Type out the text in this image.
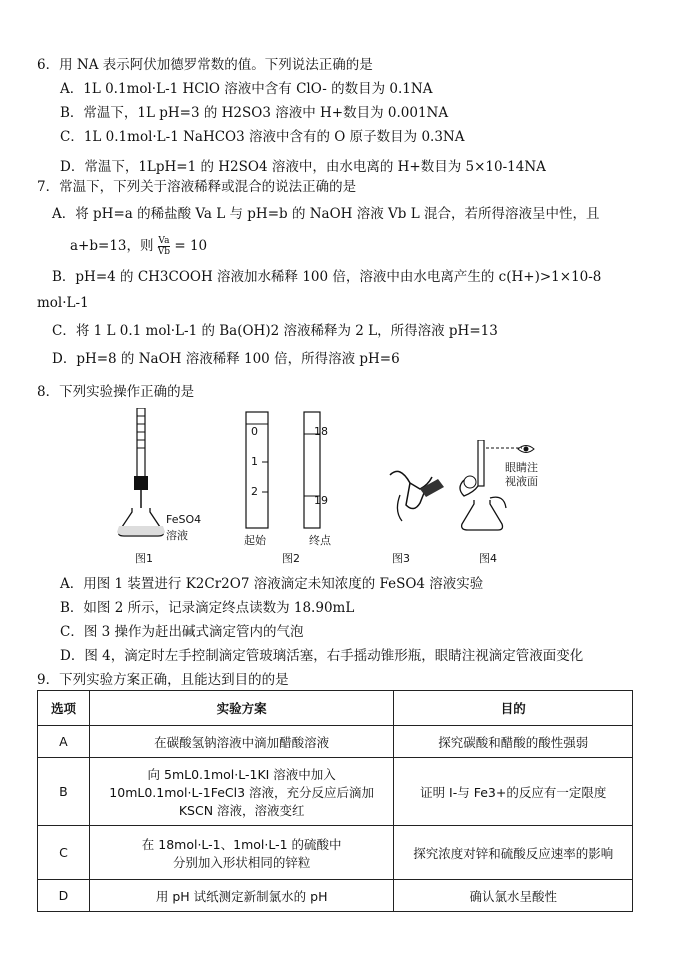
6．用 NA 表示阿伏加德罗常数的值。下列说法正确的是
A．1L 0.1mol·L-1 HClO 溶液中含有 ClO- 的数目为 0.1NA
B．常温下，1L pH=3 的 H2SO3 溶液中 H+数目为 0.001NA
C．1L 0.1mol·L-1 NaHCO3 溶液中含有的 O 原子数目为 0.3NA
D．常温下，1LpH=1 的 H2SO4 溶液中，由水电离的 H+数目为 5×10-14NA
7．常温下，下列关于溶液稀释或混合的说法正确的是
A．将 pH=a 的稀盐酸 Va L 与 pH=b 的 NaOH 溶液 Vb L 混合，若所得溶液呈中性，且
a+b=13，则 $\frac{Va}{Vb} = 10$
B．pH=4 的 CH3COOH 溶液加水稀释 100 倍，溶液中由水电离产生的 c(H+)>1×10-8
mol·L-1
C．将 1 L 0.1 mol·L-1 的 Ba(OH)2 溶液稀释为 2 L，所得溶液 pH=13
D．pH=8 的 NaOH 溶液稀释 100 倍，所得溶液 pH=6
8．下列实验操作正确的是
FeSO4
溶液
图1
0
1
2
18
19
起始	终点
图2	图3
眼睛注
视液面
图4
A．用图 1 装置进行 K2Cr2O7 溶液滴定未知浓度的 FeSO4 溶液实验
B．如图 2 所示，记录滴定终点读数为 18.90mL
C．图 3 操作为赶出碱式滴定管内的气泡
D．图 4，滴定时左手控制滴定管玻璃活塞，右手摇动锥形瓶，眼睛注视滴定管液面变化
9．下列实验方案正确，且能达到目的的是
选项	实验方案	目的
A	在碳酸氢钠溶液中滴加醋酸溶液	探究碳酸和醋酸的酸性强弱
B	向 5mL0.1mol·L-1KI 溶液中加入
10mL0.1mol·L-1FeCl3 溶液，充分反应后滴加
KSCN 溶液，溶液变红	证明 I-与 Fe3+的反应有一定限度
C	在 18mol·L-1、1mol·L-1 的硫酸中
分别加入形状相同的锌粒	探究浓度对锌和硫酸反应速率的影响
D	用 pH 试纸测定新制氯水的 pH	确认氯水呈酸性
